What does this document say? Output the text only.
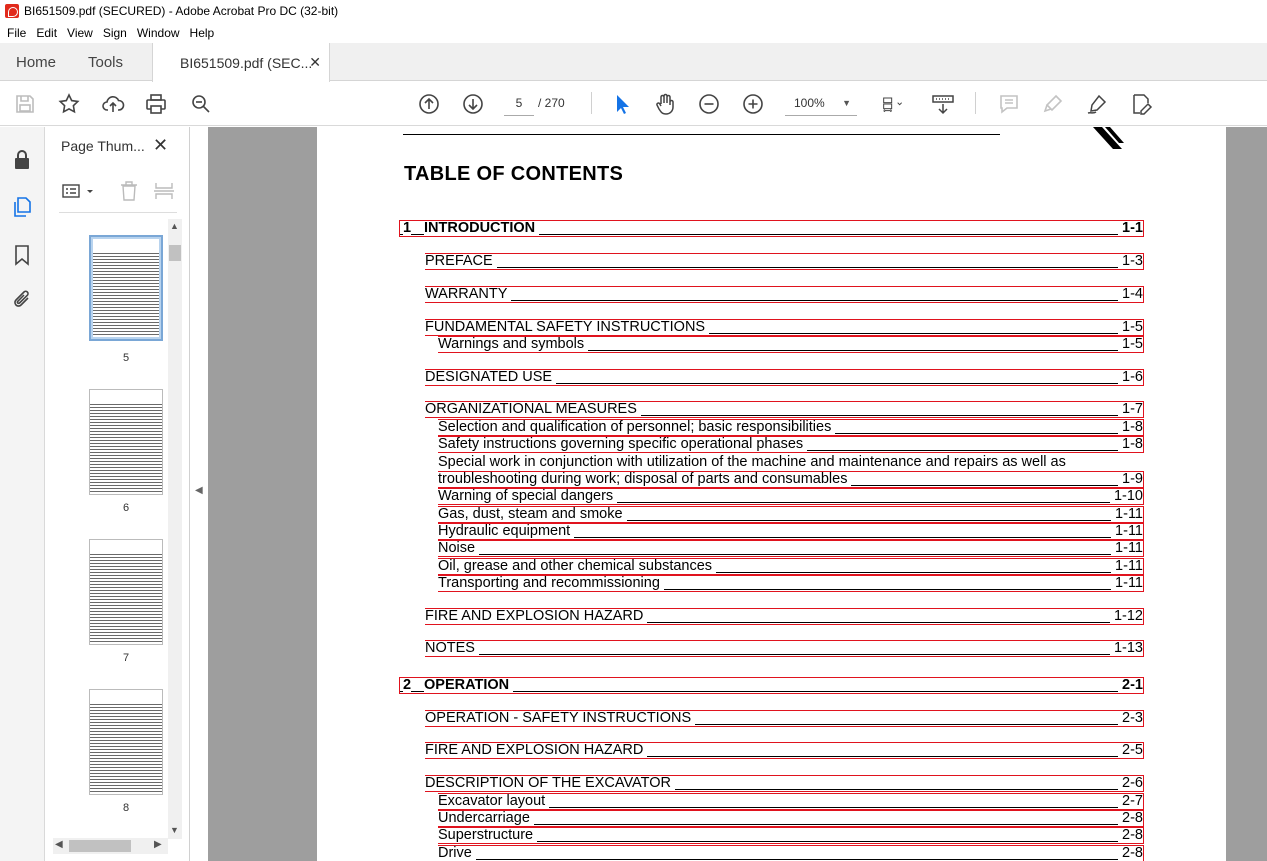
BI651509.pdf (SECURED) - Adobe Acrobat Pro DC (32-bit)
File Edit View Sign Window Help
Home Tools	BI651509.pdf (SEC...
✕
5	/ 270	100% ▼
Page Thum... ✕
5
6
7
8
▲
▼
◀	▶
◀
TABLE OF CONTENTS
1 INTRODUCTION	1-1
PREFACE	1-3
WARRANTY	1-4
FUNDAMENTAL SAFETY INSTRUCTIONS	1-5
Warnings and symbols	1-5
DESIGNATED USE	1-6
ORGANIZATIONAL MEASURES	1-7
Selection and qualification of personnel; basic responsibilities	1-8
Safety instructions governing specific operational phases	1-8
Special work in conjunction with utilization of the machine and maintenance and repairs as well as
troubleshooting during work; disposal of parts and consumables	1-9
Warning of special dangers	1-10
Gas, dust, steam and smoke	1-11
Hydraulic equipment	1-11
Noise	1-11
Oil, grease and other chemical substances	1-11
Transporting and recommissioning	1-11
FIRE AND EXPLOSION HAZARD	1-12
NOTES	1-13
2 OPERATION	2-1
OPERATION - SAFETY INSTRUCTIONS	2-3
FIRE AND EXPLOSION HAZARD	2-5
DESCRIPTION OF THE EXCAVATOR	2-6
Excavator layout	2-7
Undercarriage	2-8
Superstructure	2-8
Drive	2-8
